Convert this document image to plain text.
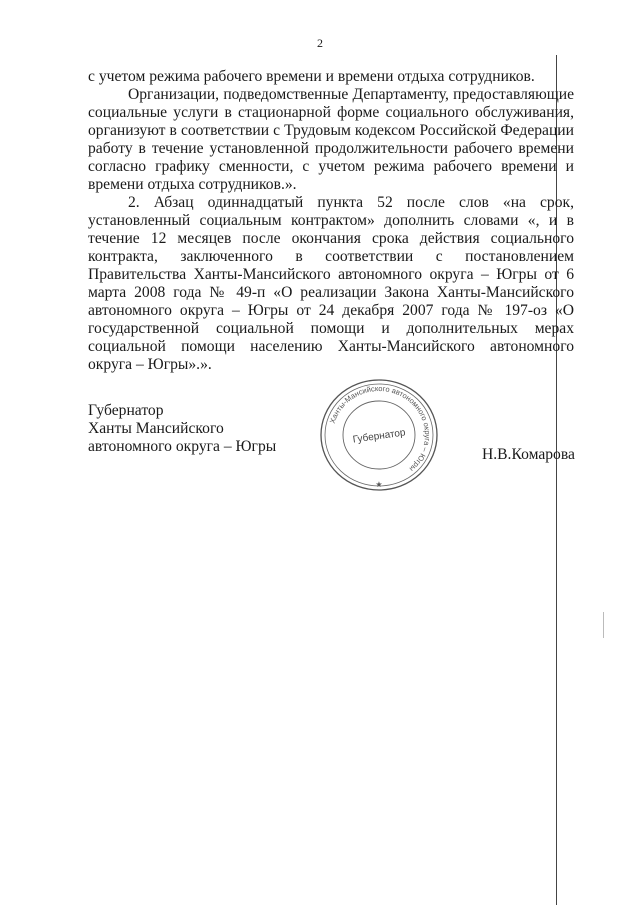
2

с учетом режима рабочего времени и времени отдыха сотрудников.

Организации, подведомственные Департаменту, предоставляющие социальные услуги в стационарной форме социального обслуживания, организуют в соответствии с Трудовым кодексом Российской Федерации работу в течение установленной продолжительности рабочего времени согласно графику сменности, с учетом режима рабочего времени и времени отдыха сотрудников.».

2. Абзац одиннадцатый пункта 52 после слов «на срок, установленный социальным контрактом» дополнить словами «, и в течение 12 месяцев после окончания срока действия социального контракта, заключенного в соответствии с постановлением Правительства Ханты-Мансийского автономного округа – Югры от 6 марта 2008 года № 49-п «О реализации Закона Ханты-Мансийского автономного округа – Югры от 24 декабря 2007 года № 197-оз «О государственной социальной помощи и дополнительных мерах социальной помощи населению Ханты-Мансийского автономного округа – Югры».».

Губернатор
Ханты Мансийского
автономного округа – Югры	Н.В.Комарова
Ханты-Мансийского автономного округа – Югры
Губернатор
★
